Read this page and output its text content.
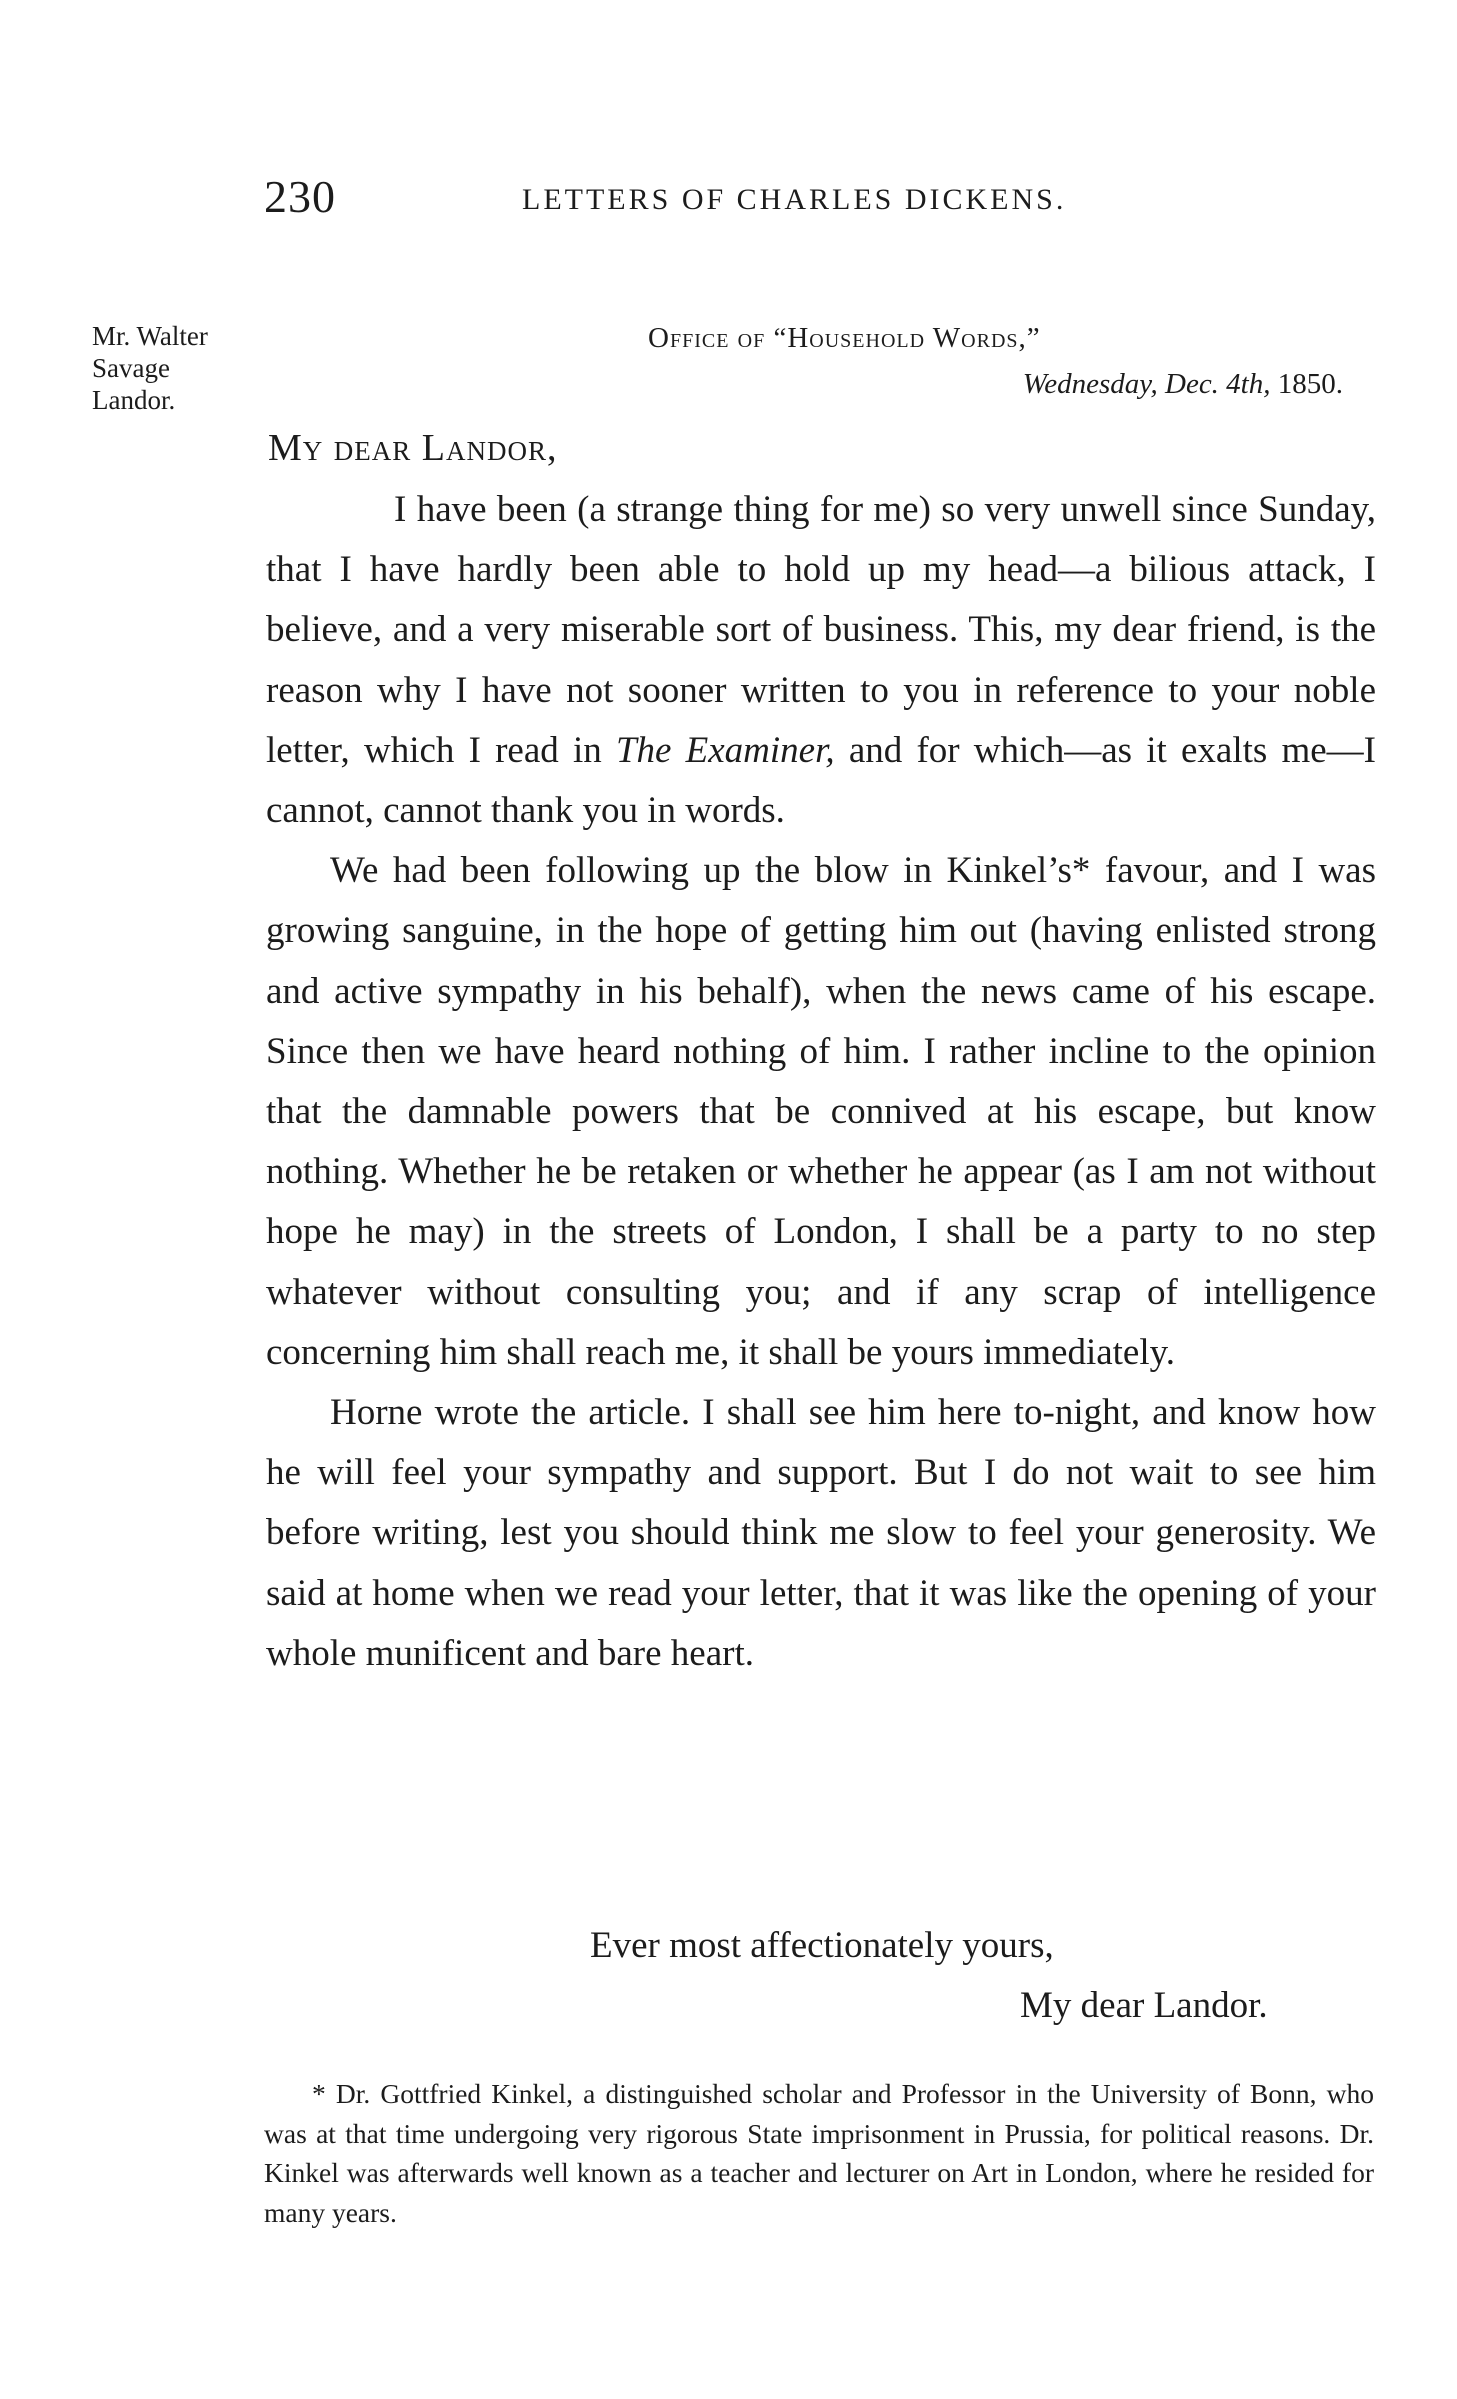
230	LETTERS OF CHARLES DICKENS.
Mr. Walter
Savage
Landor.
Office of “Household Words,”
Wednesday, Dec. 4th, 1850.
My dear Landor,

I have been (a strange thing for me) so very unwell since Sunday, that I have hardly been able to hold up my head—a bilious attack, I believe, and a very miserable sort of business. This, my dear friend, is the reason why I have not sooner written to you in reference to your noble letter, which I read in The Examiner, and for which—as it exalts me—I cannot, cannot thank you in words.

We had been following up the blow in Kinkel’s* favour, and I was growing sanguine, in the hope of getting him out (having enlisted strong and active sympathy in his behalf), when the news came of his escape. Since then we have heard nothing of him. I rather incline to the opinion that the damnable powers that be connived at his escape, but know nothing. Whether he be retaken or whether he appear (as I am not without hope he may) in the streets of London, I shall be a party to no step whatever without consulting you; and if any scrap of intelligence concerning him shall reach me, it shall be yours immediately.

Horne wrote the article. I shall see him here to-night, and know how he will feel your sympathy and support. But I do not wait to see him before writing, lest you should think me slow to feel your generosity. We said at home when we read your letter, that it was like the opening of your whole munificent and bare heart.

Ever most affectionately yours,
My dear Landor.
* Dr. Gottfried Kinkel, a distinguished scholar and Professor in the University of Bonn, who was at that time undergoing very rigorous State imprisonment in Prussia, for political reasons. Dr. Kinkel was afterwards well known as a teacher and lecturer on Art in London, where he resided for many years.
